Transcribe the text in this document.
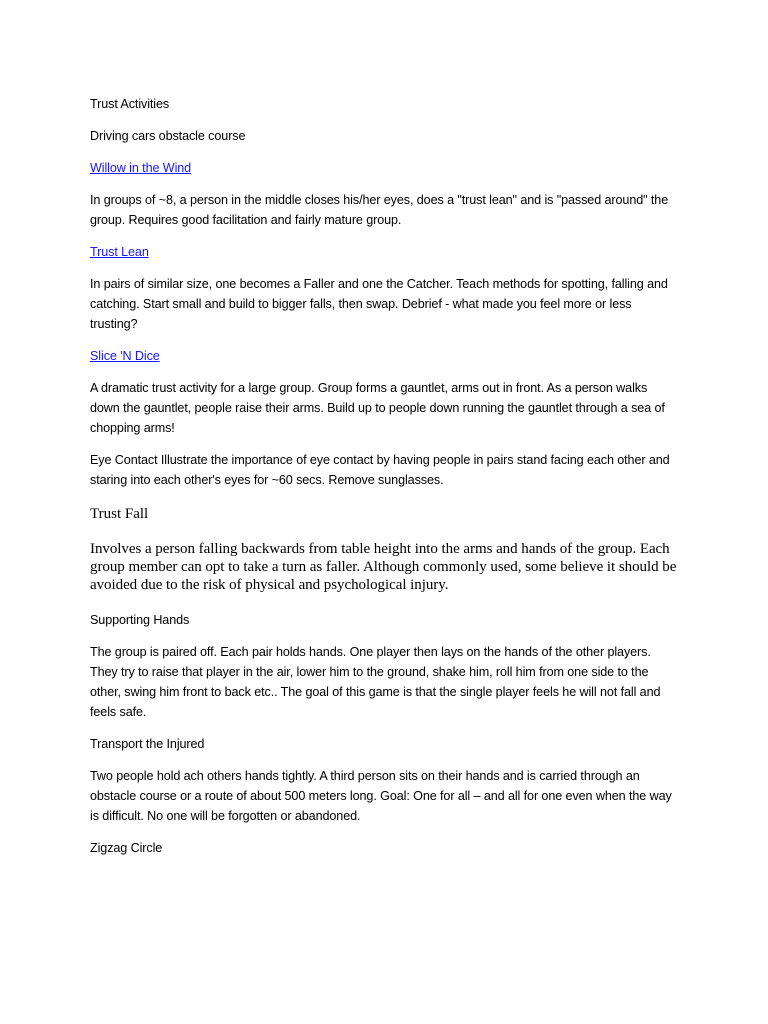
Trust Activities

Driving cars obstacle course

Willow in the Wind

In groups of ~8, a person in the middle closes his/her eyes, does a "trust lean" and is "passed around" the group. Requires good facilitation and fairly mature group.

Trust Lean

In pairs of similar size, one becomes a Faller and one the Catcher. Teach methods for spotting, falling and catching. Start small and build to bigger falls, then swap. Debrief - what made you feel more or less trusting?

Slice 'N Dice

A dramatic trust activity for a large group. Group forms a gauntlet, arms out in front. As a person walks down the gauntlet, people raise their arms. Build up to people down running the gauntlet through a sea of chopping arms!

Eye Contact Illustrate the importance of eye contact by having people in pairs stand facing each other and staring into each other's eyes for ~60 secs. Remove sunglasses.

Trust Fall

Involves a person falling backwards from table height into the arms and hands of the group. Each group member can opt to take a turn as faller. Although commonly used, some believe it should be avoided due to the risk of physical and psychological injury.

Supporting Hands

The group is paired off. Each pair holds hands. One player then lays on the hands of the other players. They try to raise that player in the air, lower him to the ground, shake him, roll him from one side to the other, swing him front to back etc.. The goal of this game is that the single player feels he will not fall and feels safe.

Transport the Injured

Two people hold ach others hands tightly. A third person sits on their hands and is carried through an obstacle course or a route of about 500 meters long. Goal: One for all – and all for one even when the way is difficult. No one will be forgotten or abandoned.

Zigzag Circle
